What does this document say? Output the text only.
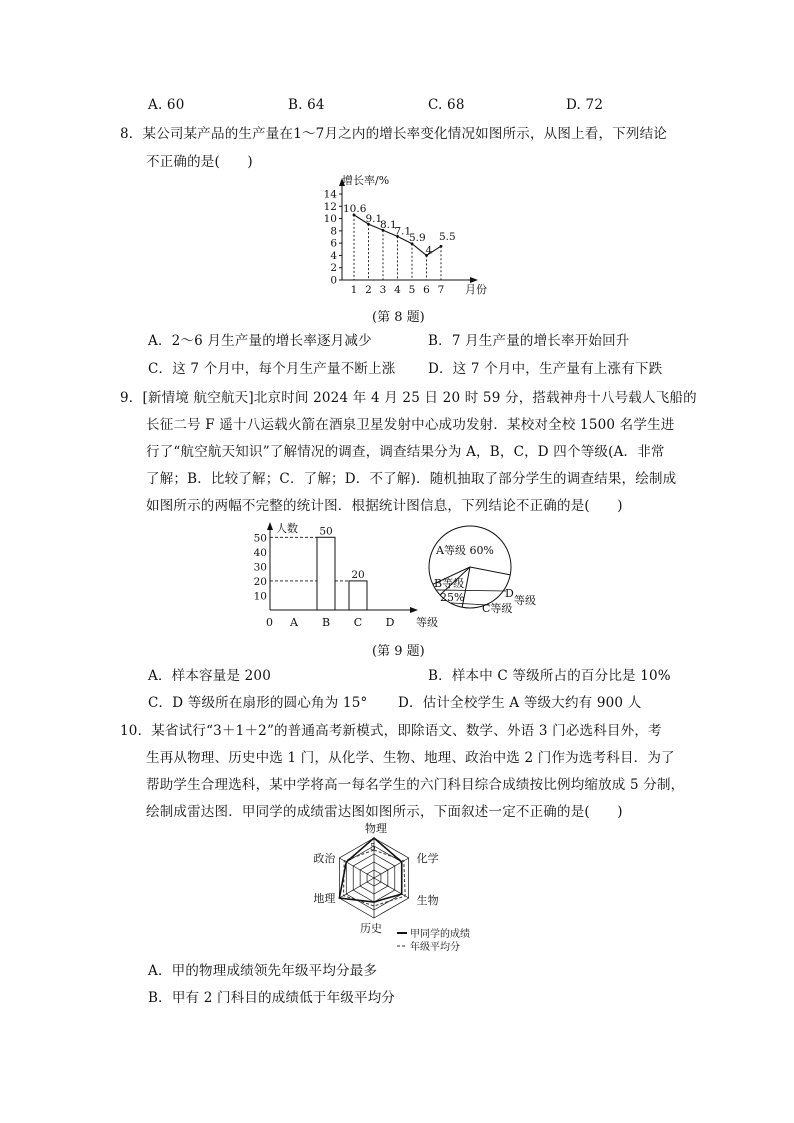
A. 60	B. 64	C. 68	D. 72
8．某公司某产品的生产量在1～7月之内的增长率变化情况如图所示，从图上看，下列结论
不正确的是(　　)
增长率/%
月份
0
2
4
6
8
10
12
14
1 2 3 4 5 6 7
10.6
9.1
8.1
7.1
5.9
4
5.5
(第 8 题)
A．2～6 月生产量的增长率逐月减少	B．7 月生产量的增长率开始回升
C．这 7 个月中，每个月生产量不断上涨 D．这 7 个月中，生产量有上涨有下跌
9．[新情境 航空航天]北京时间 2024 年 4 月 25 日 20 时 59 分，搭载神舟十八号载人飞船的
长征二号 F 遥十八运载火箭在酒泉卫星发射中心成功发射．某校对全校 1500 名学生进
行了“航空航天知识”了解情况的调查，调查结果分为 A，B，C，D 四个等级(A．非常
了解；B．比较了解；C．了解；D．不了解)．随机抽取了部分学生的调查结果，绘制成
如图所示的两幅不完整的统计图．根据统计图信息，下列结论不正确的是(　　)
人数
等级
0
10
20
30
40
50
50
20
A B C D
A等级 60%
B等级
25%
C等级
D
等级
(第 9 题)
A．样本容量是 200	B．样本中 C 等级所占的百分比是 10%
C．D 等级所在扇形的圆心角为 15° D．估计全校学生 A 等级大约有 900 人
10．某省试行“3＋1＋2”的普通高考新模式，即除语文、数学、外语 3 门必选科目外，考
生再从物理、历史中选 1 门，从化学、生物、地理、政治中选 2 门作为选考科目．为了
帮助学生合理选科，某中学将高一每名学生的六门科目综合成绩按比例均缩放成 5 分制，
绘制成雷达图．甲同学的成绩雷达图如图所示，下面叙述一定不正确的是(　　)
5
物理
化学
生物
历史
地理
政治
甲同学的成绩
年级平均分
A．甲的物理成绩领先年级平均分最多
B．甲有 2 门科目的成绩低于年级平均分
